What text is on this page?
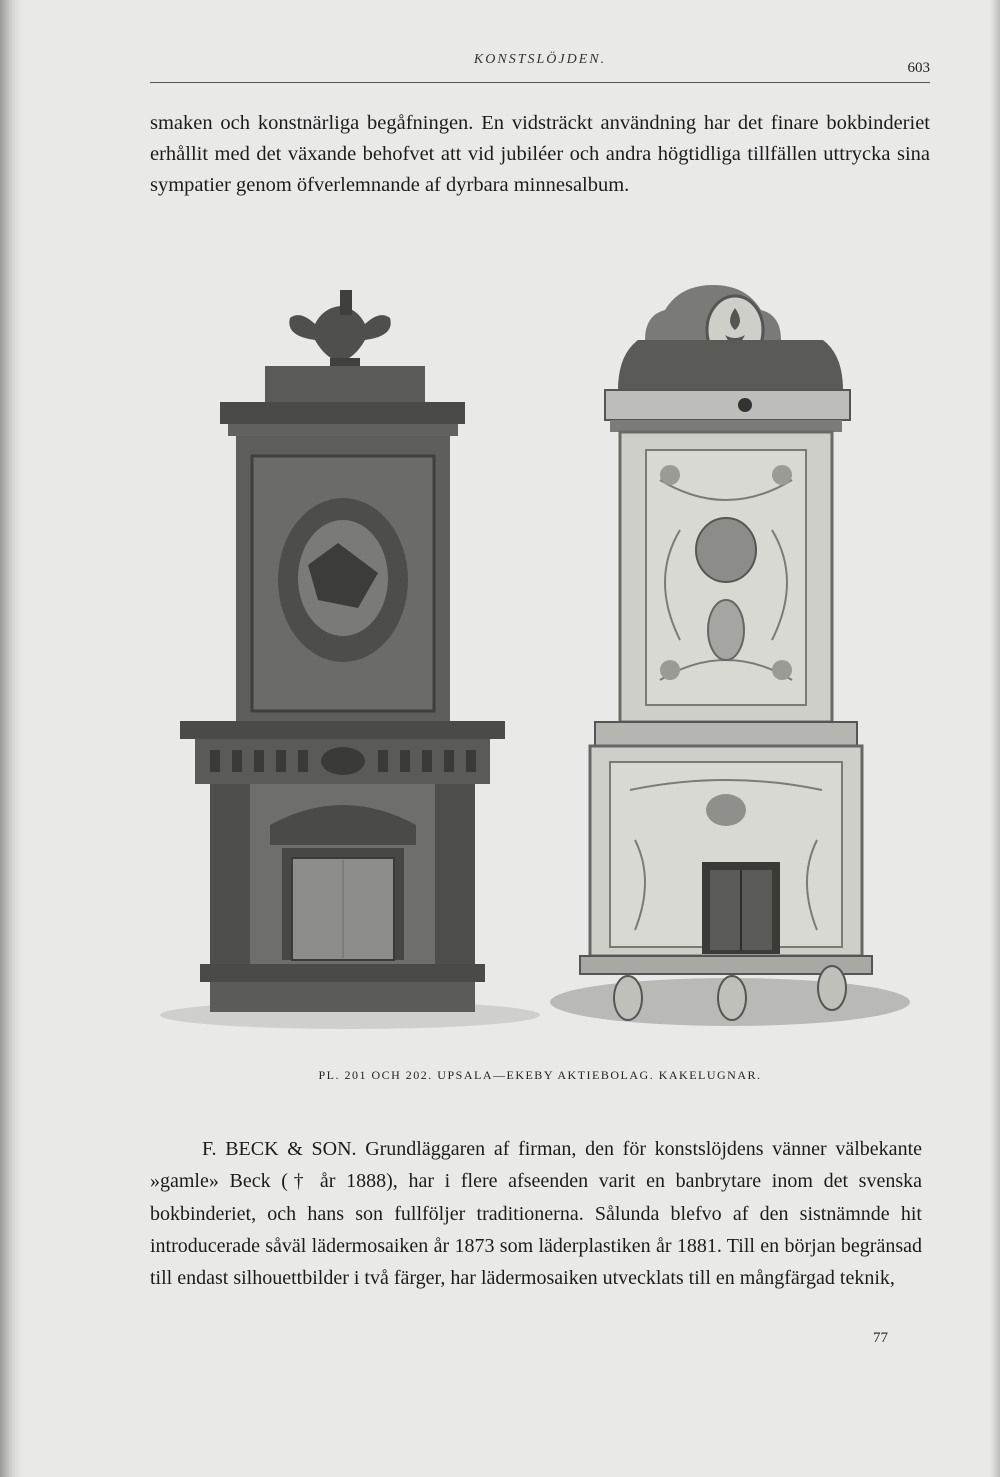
KONSTSLÖJDEN.
603

smaken och konstnärliga begåfningen. En vidsträckt användning har det finare bokbinderiet erhållit med det växande behofvet att vid jubiléer och andra högtidliga tillfällen uttrycka sina sympatier genom öfverlemnande af dyrbara minnesalbum.

PL. 201 OCH 202. UPSALA—EKEBY AKTIEBOLAG. KAKELUGNAR.

F. BECK & SON. Grundläggaren af firman, den för konstslöjdens vänner välbekante »gamle» Beck († år 1888), har i flere afseenden varit en banbrytare inom det svenska bokbinderiet, och hans son fullföljer traditionerna. Sålunda blefvo af den sistnämnde hit introducerade såväl lädermosaiken år 1873 som läderplastiken år 1881. Till en början begränsad till endast silhouettbilder i två färger, har lädermosaiken utvecklats till en mångfärgad teknik,

77
